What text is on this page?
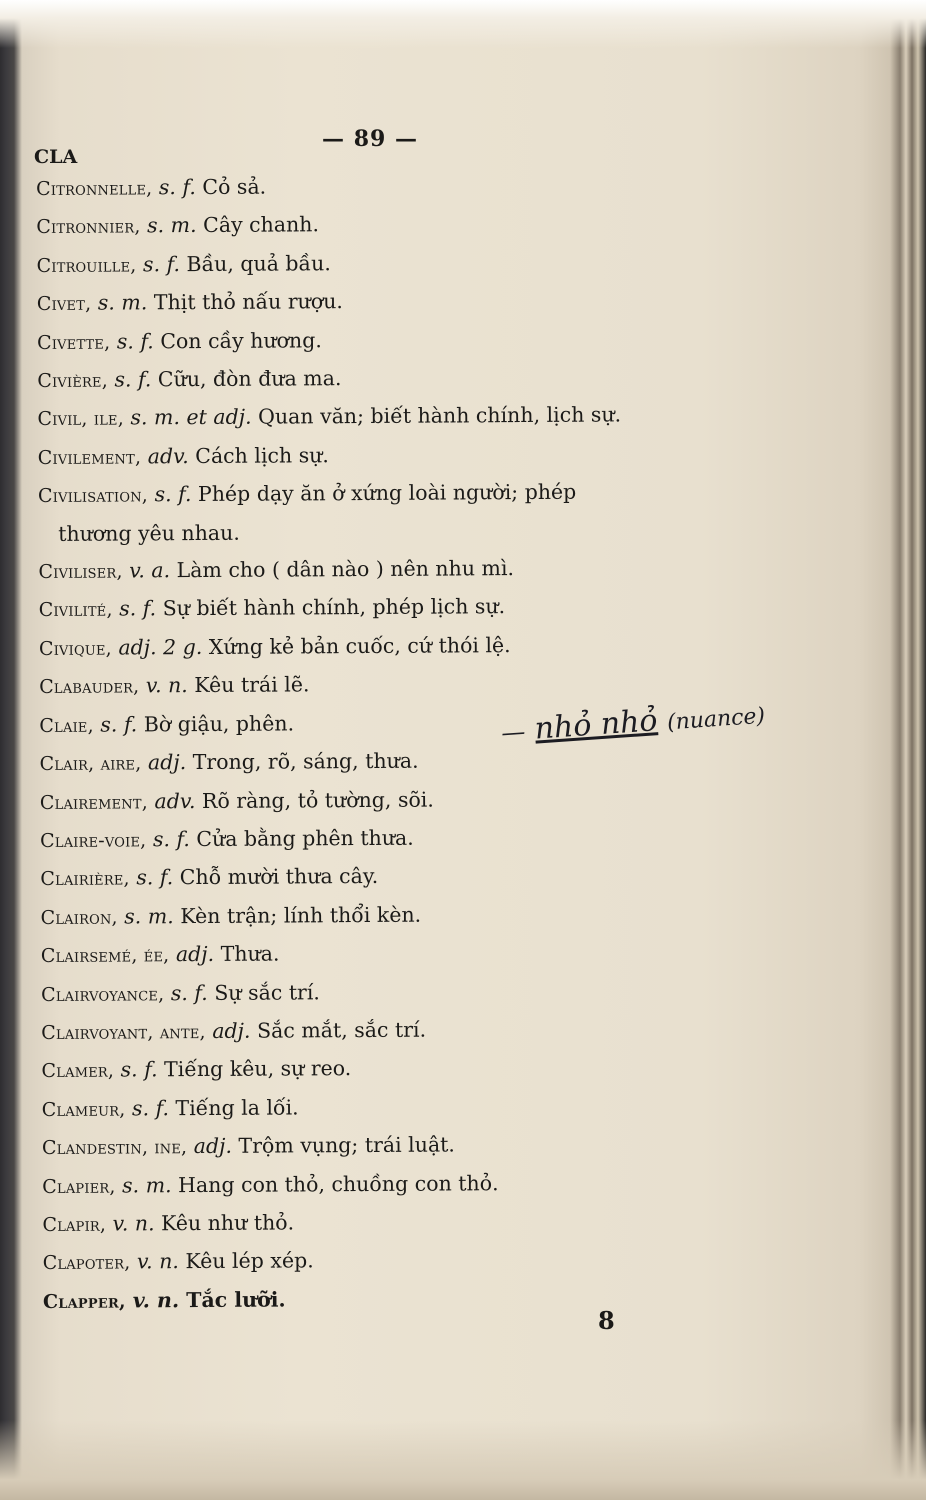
— 89 —
CLA
Citronnelle, s. f. Cỏ sả.
Citronnier, s. m. Cây chanh.
Citrouille, s. f. Bầu, quả bầu.
Civet, s. m. Thịt thỏ nấu rượu.
Civette, s. f. Con cầy hương.
Civière, s. f. Cữu, đòn đưa ma.
Civil, ile, s. m. et adj. Quan văn; biết hành chính, lịch sự.
Civilement, adv. Cách lịch sự.
Civilisation, s. f. Phép dạy ăn ở xứng loài người; phép
thương yêu nhau.
Civiliser, v. a. Làm cho ( dân nào ) nên nhu mì.
Civilité, s. f. Sự biết hành chính, phép lịch sự.
Civique, adj. 2 g. Xứng kẻ bản cuốc, cứ thói lệ.
Clabauder, v. n. Kêu trái lẽ.
Claie, s. f. Bờ giậu, phên.
Clair, aire, adj. Trong, rõ, sáng, thưa.
Clairement, adv. Rõ ràng, tỏ tường, sõi.
Claire-voie, s. f. Cửa bằng phên thưa.
Clairière, s. f. Chỗ mười thưa cây.
Clairon, s. m. Kèn trận; lính thổi kèn.
Clairsemé, ée, adj. Thưa.
Clairvoyance, s. f. Sự sắc trí.
Clairvoyant, ante, adj. Sắc mắt, sắc trí.
Clamer, s. f. Tiếng kêu, sự reo.
Clameur, s. f. Tiếng la lối.
Clandestin, ine, adj. Trộm vụng; trái luật.
Clapier, s. m. Hang con thỏ, chuồng con thỏ.
Clapir, v. n. Kêu như thỏ.
Clapoter, v. n. Kêu lép xép.
Clapper, v. n. Tắc lưỡi.
— nhỏ nhỏ (nuance)
8
